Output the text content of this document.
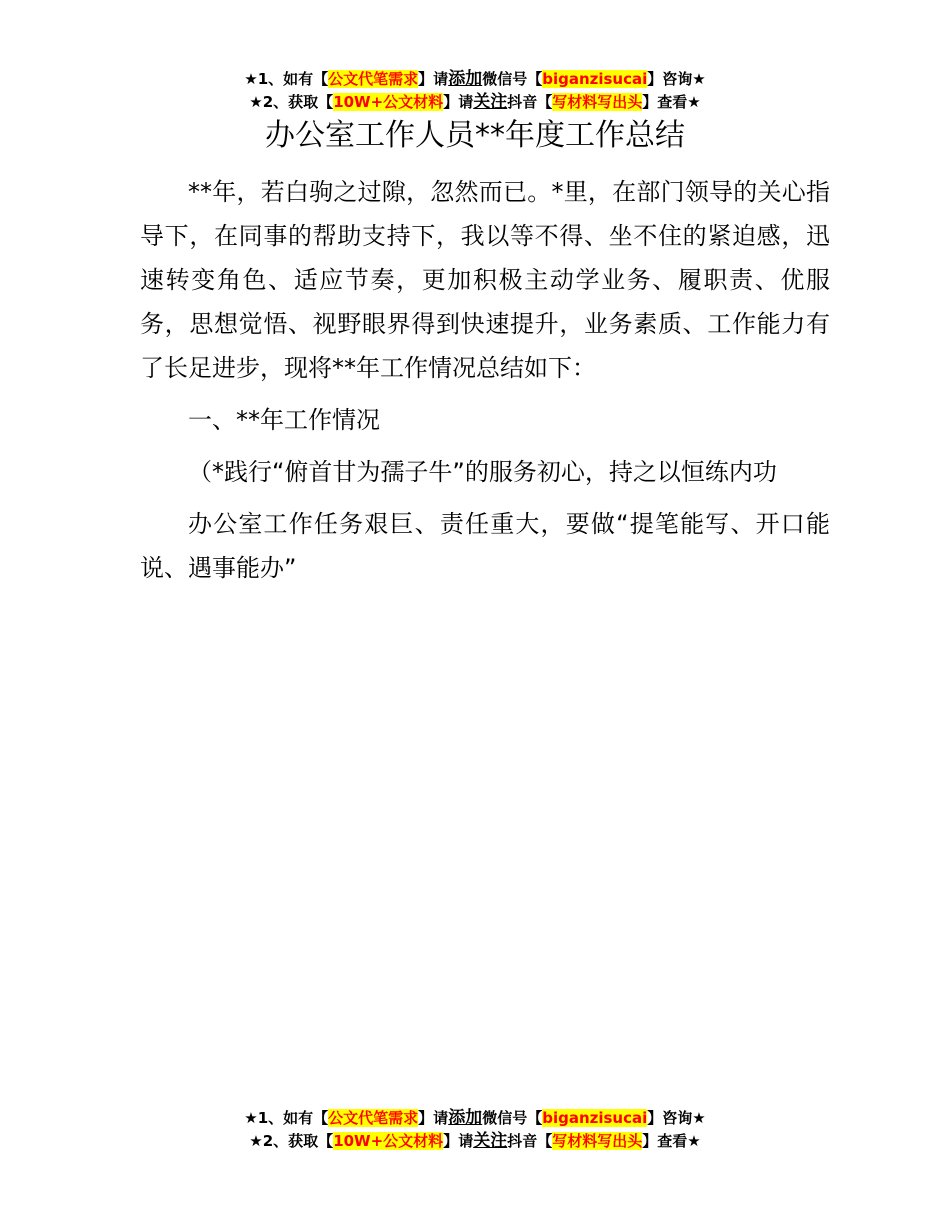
★1、如有【公文代笔需求】请添加微信号【biganzisucai】咨询★
★2、获取【10W+公文材料】请关注抖音【写材料写出头】查看★
办公室工作人员**年度工作总结

**年，若白驹之过隙，忽然而已。*里，在部门领导的关心指导下，在同事的帮助支持下，我以等不得、坐不住的紧迫感，迅速转变角色、适应节奏，更加积极主动学业务、履职责、优服务，思想觉悟、视野眼界得到快速提升，业务素质、工作能力有了长足进步，现将**年工作情况总结如下：

一、**年工作情况

（*践行“俯首甘为孺子牛”的服务初心，持之以恒练内功

办公室工作任务艰巨、责任重大，要做“提笔能写、开口能说、遇事能办”

★1、如有【公文代笔需求】请添加微信号【biganzisucai】咨询★
★2、获取【10W+公文材料】请关注抖音【写材料写出头】查看★
